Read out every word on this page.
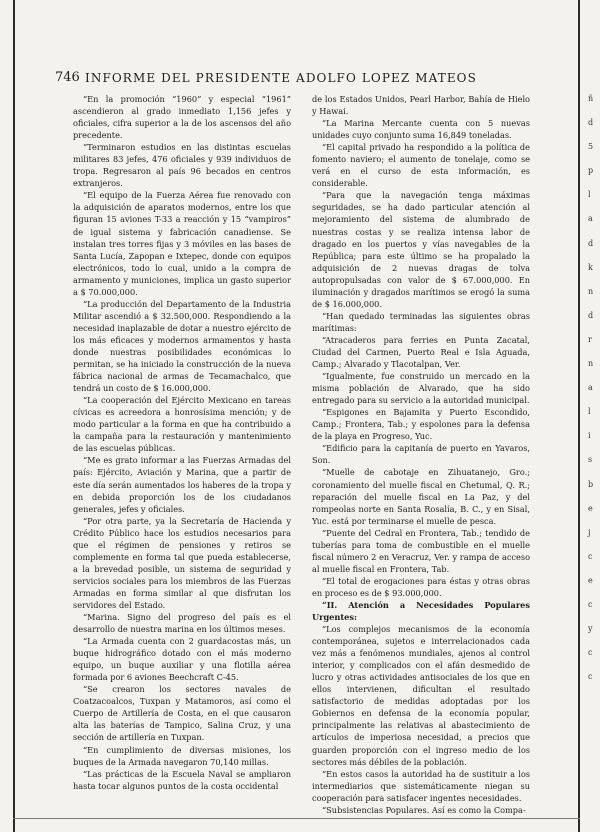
746 INFORME DEL PRESIDENTE ADOLFO LOPEZ MATEOS

“En la promoción “1960” y especial “1961” ascendieron al grado inmediato 1,156 jefes y oficiales, cifra superior a la de los ascensos del año precedente.

“Terminaron estudios en las distintas escuelas militares 83 jefes, 476 oficiales y 939 individuos de tropa. Regresaron al país 96 becados en centros extranjeros.

“El equipo de la Fuerza Aérea fue renovado con la adquisición de aparatos modernos, entre los que figuran 15 aviones T-33 a reacción y 15 “vampiros” de igual sistema y fabricación canadiense. Se instalan tres torres fijas y 3 móviles en las bases de Santa Lucía, Zapopan e Ixtepec, donde con equipos electrónicos, todo lo cual, unido a la compra de armamento y municiones, implica un gasto superior a $ 70.000,000.

“La producción del Departamento de la Industria Militar ascendió a $ 32.500,000. Respondiendo a la necesidad inaplazable de dotar a nuestro ejército de los más eficaces y modernos armamentos y hasta donde nuestras posibilidades económicas lo permitan, se ha iniciado la construcción de la nueva fábrica nacional de armas de Tecamachalco, que tendrá un costo de $ 16.000,000.

“La cooperación del Ejército Mexicano en tareas cívicas es acreedora a honrosísima mención; y de modo particular a la forma en que ha contribuido a la campaña para la restauración y mantenimiento de las escuelas públicas.

“Me es grato informar a las Fuerzas Armadas del país: Ejército, Aviación y Marina, que a partir de este día serán aumentados los haberes de la tropa y en debida proporción los de los ciudadanos generales, jefes y oficiales.

“Por otra parte, ya la Secretaría de Hacienda y Crédito Público hace los estudios necesarios para que el régimen de pensiones y retiros se complemente en forma tal que pueda establecerse, a la brevedad posible, un sistema de seguridad y servicios sociales para los miembros de las Fuerzas Armadas en forma similar al que disfrutan los servidores del Estado.

“Marina. Signo del progreso del país es el desarrollo de nuestra marina en los últimos meses.

“La Armada cuenta con 2 guardacostas más, un buque hidrográfico dotado con el más moderno equipo, un buque auxiliar y una flotilla aérea formada por 6 aviones Beechcraft C-45.

“Se crearon los sectores navales de Coatzacoalcos, Tuxpan y Matamoros, así como el Cuerpo de Artillería de Costa, en el que causaron alta las baterías de Tampico, Salina Cruz, y una sección de artillería en Tuxpan.

“En cumplimiento de diversas misiones, los buques de la Armada navegaron 70,140 millas.

“Las prácticas de la Escuela Naval se ampliaron hasta tocar algunos puntos de la costa occidental

de los Estados Unidos, Pearl Harbor, Bahía de Hielo y Hawai.

“La Marina Mercante cuenta con 5 nuevas unidades cuyo conjunto suma 16,849 toneladas.

“El capital privado ha respondido a la política de fomento naviero; el aumento de tonelaje, como se verá en el curso de esta información, es considerable.

“Para que la navegación tenga máximas seguridades, se ha dado particular atención al mejoramiento del sistema de alumbrado de nuestras costas y se realiza intensa labor de dragado en los puertos y vías navegables de la República; para este último se ha propalado la adquisición de 2 nuevas dragas de tolva autopropulsadas con valor de $ 67.000,000. En iluminación y dragados marítimos se erogó la suma de $ 16.000,000.

“Han quedado terminadas las siguientes obras marítimas:

“Atracaderos para ferries en Punta Zacatal, Ciudad del Carmen, Puerto Real e Isla Aguada, Camp.; Alvarado y Tlacotalpan, Ver.

“Igualmente, fue construido un mercado en la misma población de Alvarado, que ha sido entregado para su servicio a la autoridad municipal.

“Espigones en Bajamita y Puerto Escondido, Camp.; Frontera, Tab.; y espolones para la defensa de la playa en Progreso, Yuc.

“Edificio para la capitanía de puerto en Yavaros, Son.

“Muelle de cabotaje en Zihuatanejo, Gro.; coronamiento del muelle fiscal en Chetumal, Q. R.; reparación del muelle fiscal en La Paz, y del rompeolas norte en Santa Rosalía, B. C., y en Sisal, Yuc. está por terminarse el muelle de pesca.

“Puente del Cedral en Frontera, Tab.; tendido de tuberías para toma de combustible en el muelle fiscal número 2 en Veracruz, Ver. y rampa de acceso al muelle fiscal en Frontera, Tab.

“El total de erogaciones para éstas y otras obras en proceso es de $ 93.000,000.

“II. Atención a Necesidades Populares Urgentes:

“Los complejos mecanismos de la economía contemporánea, sujetos e interrelacionados cada vez más a fenómenos mundiales, ajenos al control interior, y complicados con el afán desmedido de lucro y otras actividades antisociales de los que en ellos intervienen, dificultan el resultado satisfactorio de medidas adoptadas por los Gobiernos en defensa de la economía popular, principalmente las relativas al abastecimiento de artículos de imperiosa necesidad, a precios que guarden proporción con el ingreso medio de los sectores más débiles de la población.

“En estos casos la autoridad ha de sustituir a los intermediarios que sistemáticamente niegan su cooperación para satisfacer ingentes necesidades.

“Subsistencias Populares. Así es como la Compa-

ñ
d
5
p
l
a
d
k
n
d
r
n
a
l
i
s
b
e
j
c
e
c
y
c
c
